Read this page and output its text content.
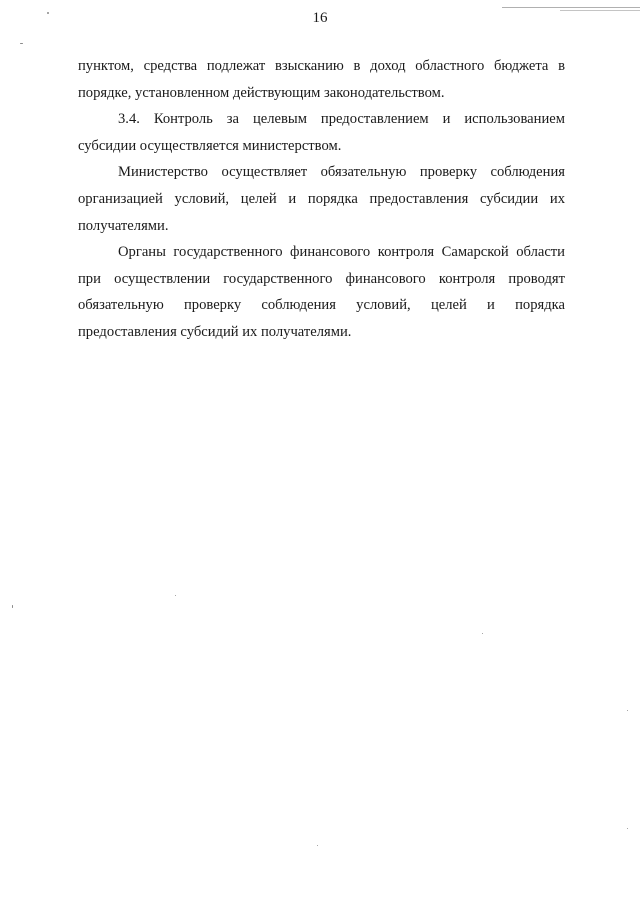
16

пунктом, средства подлежат взысканию в доход областного бюджета в порядке, установленном действующим законодательством.

3.4. Контроль за целевым предоставлением и использованием субсидии осуществляется министерством.

Министерство осуществляет обязательную проверку соблюдения организацией условий, целей и порядка предоставления субсидии их получателями.

Органы государственного финансового контроля Самарской области при осуществлении государственного финансового контроля проводят обязательную проверку соблюдения условий, целей и порядка предоставления субсидий их получателями.
